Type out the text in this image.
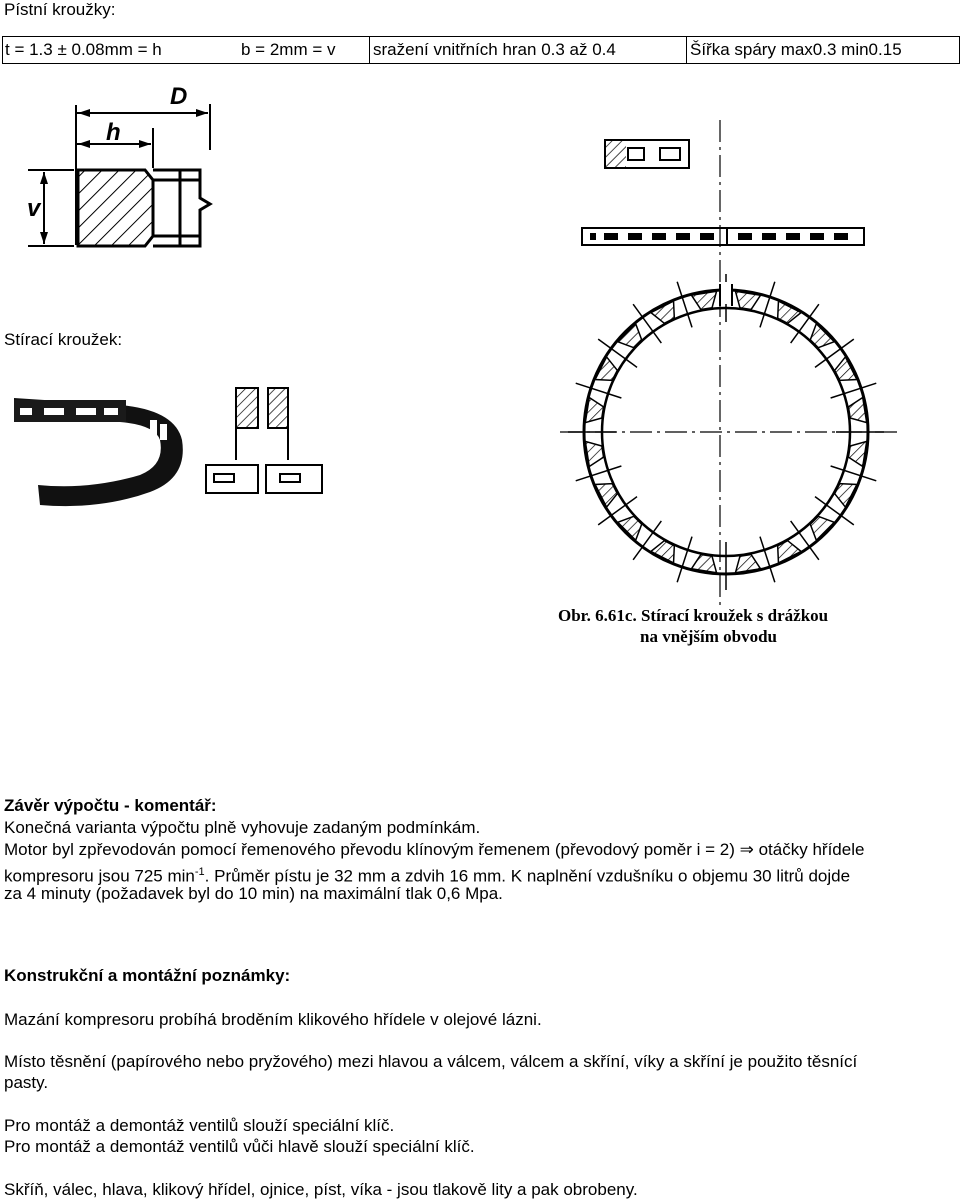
Pístní kroužky:
t = 1.3 ± 0.08mm = h	b = 2mm = v sražení vnitřních hran 0.3 až 0.4	Šířka spáry max0.3 min0.15
D
h
v
Stírací kroužek:
Obr. 6.61c. Stírací kroužek s drážkou
na vnějším obvodu
Závěr výpočtu - komentář:
Konečná varianta výpočtu plně vyhovuje zadaným podmínkám.
Motor byl zpřevodován pomocí řemenového převodu klínovým řemenem (převodový poměr i = 2) ⇒ otáčky hřídele
kompresoru jsou 725 $\min^{-1}$. Průměr pístu je 32 mm a zdvih 16 mm. K naplnění vzdušníku o objemu 30 litrů dojde
za 4 minuty (požadavek byl do 10 min) na maximální tlak 0,6 Mpa.
Konstrukční a montážní poznámky:
Mazání kompresoru probíhá broděním klikového hřídele v olejové lázni.
Místo těsnění (papírového nebo pryžového) mezi hlavou a válcem, válcem a skříní, víky a skříní je použito těsnící
pasty.
Pro montáž a demontáž ventilů slouží speciální klíč.
Pro montáž a demontáž ventilů vůči hlavě slouží speciální klíč.
Skříň, válec, hlava, klikový hřídel, ojnice, píst, víka - jsou tlakově lity a pak obrobeny.
